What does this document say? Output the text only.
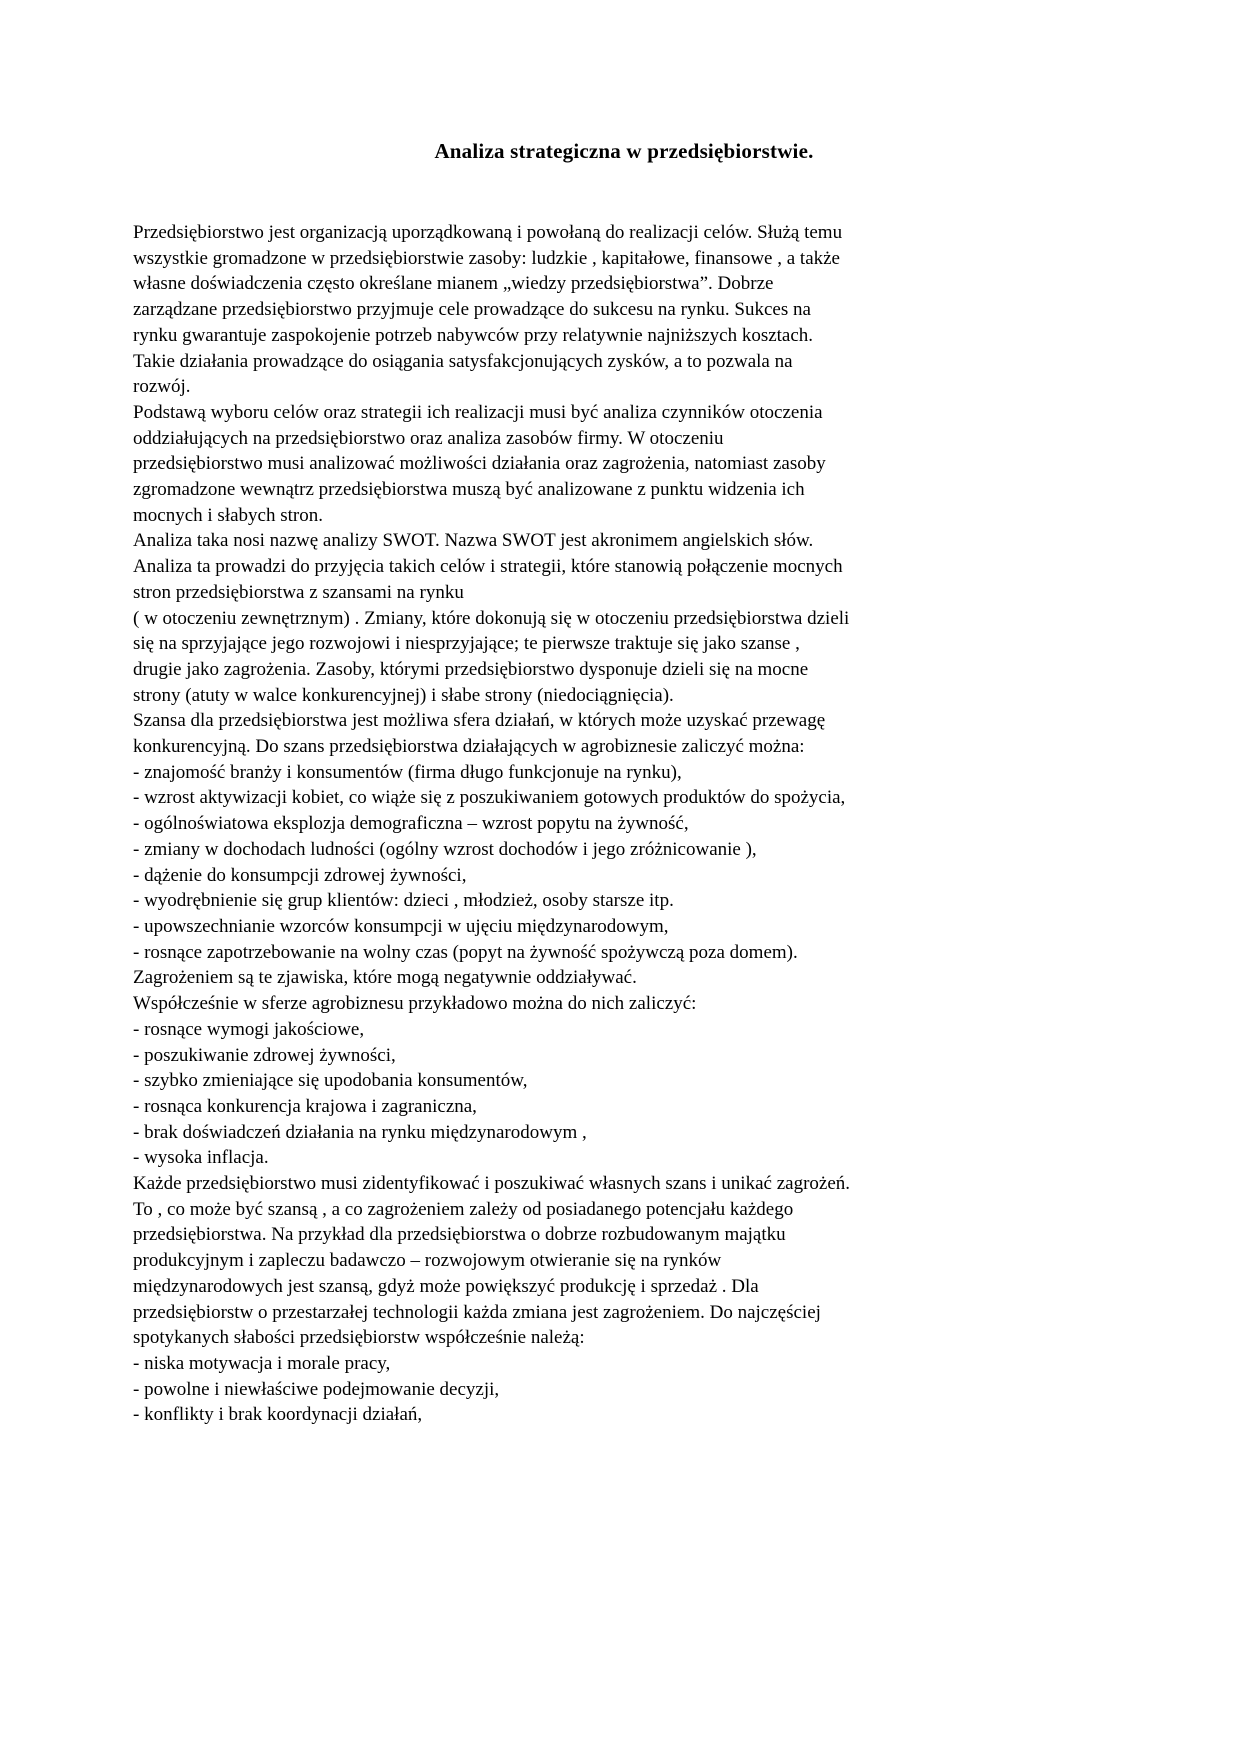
Analiza strategiczna w przedsiębiorstwie.
Przedsiębiorstwo jest organizacją uporządkowaną i powołaną do realizacji celów. Służą temu
wszystkie gromadzone w przedsiębiorstwie zasoby: ludzkie , kapitałowe, finansowe , a także
własne doświadczenia często określane mianem „wiedzy przedsiębiorstwa”. Dobrze
zarządzane przedsiębiorstwo przyjmuje cele prowadzące do sukcesu na rynku. Sukces na
rynku gwarantuje zaspokojenie potrzeb nabywców przy relatywnie najniższych kosztach.
Takie działania prowadzące do osiągania satysfakcjonujących zysków, a to pozwala na
rozwój.
Podstawą wyboru celów oraz strategii ich realizacji musi być analiza czynników otoczenia
oddziałujących na przedsiębiorstwo oraz analiza zasobów firmy. W otoczeniu
przedsiębiorstwo musi analizować możliwości działania oraz zagrożenia, natomiast zasoby
zgromadzone wewnątrz przedsiębiorstwa muszą być analizowane z punktu widzenia ich
mocnych i słabych stron.
Analiza taka nosi nazwę analizy SWOT. Nazwa SWOT jest akronimem angielskich słów.
Analiza ta prowadzi do przyjęcia takich celów i strategii, które stanowią połączenie mocnych
stron przedsiębiorstwa z szansami na rynku
( w otoczeniu zewnętrznym) . Zmiany, które dokonują się w otoczeniu przedsiębiorstwa dzieli
się na sprzyjające jego rozwojowi i niesprzyjające; te pierwsze traktuje się jako szanse ,
drugie jako zagrożenia. Zasoby, którymi przedsiębiorstwo dysponuje dzieli się na mocne
strony (atuty w walce konkurencyjnej) i słabe strony (niedociągnięcia).
Szansa dla przedsiębiorstwa jest możliwa sfera działań, w których może uzyskać przewagę
konkurencyjną. Do szans przedsiębiorstwa działających w agrobiznesie zaliczyć można:
- znajomość branży i konsumentów (firma długo funkcjonuje na rynku),
- wzrost aktywizacji kobiet, co wiąże się z poszukiwaniem gotowych produktów do spożycia,
- ogólnoświatowa eksplozja demograficzna – wzrost popytu na żywność,
- zmiany w dochodach ludności (ogólny wzrost dochodów i jego zróżnicowanie ),
- dążenie do konsumpcji zdrowej żywności,
- wyodrębnienie się grup klientów: dzieci , młodzież, osoby starsze itp.
- upowszechnianie wzorców konsumpcji w ujęciu międzynarodowym,
- rosnące zapotrzebowanie na wolny czas (popyt na żywność spożywczą poza domem).
Zagrożeniem są te zjawiska, które mogą negatywnie oddziaływać.
Współcześnie w sferze agrobiznesu przykładowo można do nich zaliczyć:
- rosnące wymogi jakościowe,
- poszukiwanie zdrowej żywności,
- szybko zmieniające się upodobania konsumentów,
- rosnąca konkurencja krajowa i zagraniczna,
- brak doświadczeń działania na rynku międzynarodowym ,
- wysoka inflacja.
Każde przedsiębiorstwo musi zidentyfikować i poszukiwać własnych szans i unikać zagrożeń.
To , co może być szansą , a co zagrożeniem zależy od posiadanego potencjału każdego
przedsiębiorstwa. Na przykład dla przedsiębiorstwa o dobrze rozbudowanym majątku
produkcyjnym i zapleczu badawczo – rozwojowym otwieranie się na rynków
międzynarodowych jest szansą, gdyż może powiększyć produkcję i sprzedaż . Dla
przedsiębiorstw o przestarzałej technologii każda zmiana jest zagrożeniem. Do najczęściej
spotykanych słabości przedsiębiorstw współcześnie należą:
- niska motywacja i morale pracy,
- powolne i niewłaściwe podejmowanie decyzji,
- konflikty i brak koordynacji działań,
